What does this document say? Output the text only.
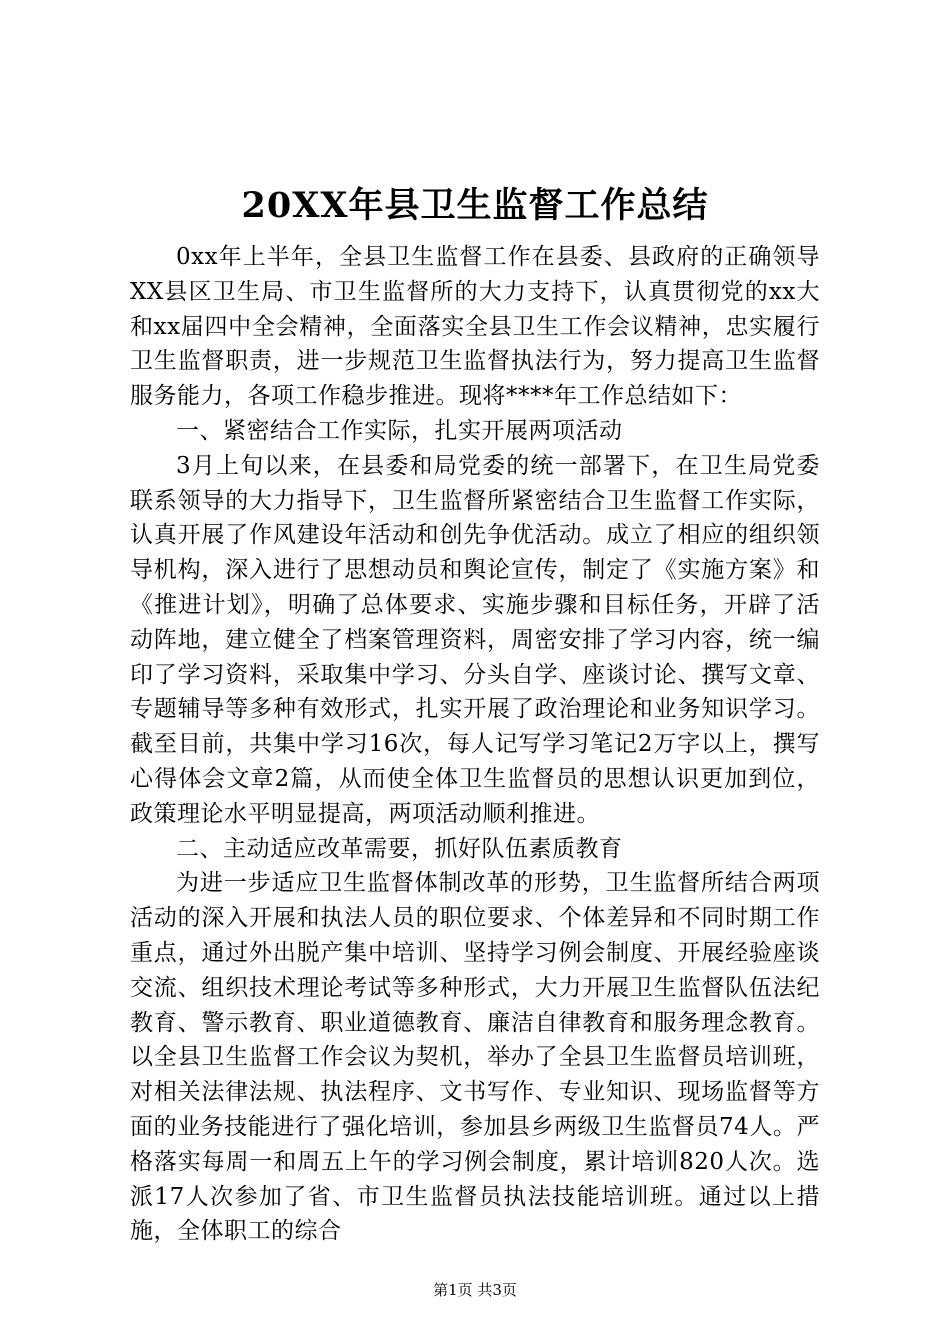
20XX年县卫生监督工作总结

0xx年上半年，全县卫生监督工作在县委、县政府的正确领导XX县区卫生局、市卫生监督所的大力支持下，认真贯彻党的xx大和xx届四中全会精神，全面落实全县卫生工作会议精神，忠实履行卫生监督职责，进一步规范卫生监督执法行为，努力提高卫生监督服务能力，各项工作稳步推进。现将****年工作总结如下：

一、紧密结合工作实际，扎实开展两项活动

3月上旬以来，在县委和局党委的统一部署下，在卫生局党委联系领导的大力指导下，卫生监督所紧密结合卫生监督工作实际，认真开展了作风建设年活动和创先争优活动。成立了相应的组织领导机构，深入进行了思想动员和舆论宣传，制定了《实施方案》和《推进计划》，明确了总体要求、实施步骤和目标任务，开辟了活动阵地，建立健全了档案管理资料，周密安排了学习内容，统一编印了学习资料，采取集中学习、分头自学、座谈讨论、撰写文章、专题辅导等多种有效形式，扎实开展了政治理论和业务知识学习。截至目前，共集中学习16次，每人记写学习笔记2万字以上，撰写心得体会文章2篇，从而使全体卫生监督员的思想认识更加到位，政策理论水平明显提高，两项活动顺利推进。

二、主动适应改革需要，抓好队伍素质教育

为进一步适应卫生监督体制改革的形势，卫生监督所结合两项活动的深入开展和执法人员的职位要求、个体差异和不同时期工作重点，通过外出脱产集中培训、坚持学习例会制度、开展经验座谈交流、组织技术理论考试等多种形式，大力开展卫生监督队伍法纪教育、警示教育、职业道德教育、廉洁自律教育和服务理念教育。以全县卫生监督工作会议为契机，举办了全县卫生监督员培训班，对相关法律法规、执法程序、文书写作、专业知识、现场监督等方面的业务技能进行了强化培训，参加县乡两级卫生监督员74人。严格落实每周一和周五上午的学习例会制度，累计培训820人次。选派17人次参加了省、市卫生监督员执法技能培训班。通过以上措施，全体职工的综合

第1页 共3页
